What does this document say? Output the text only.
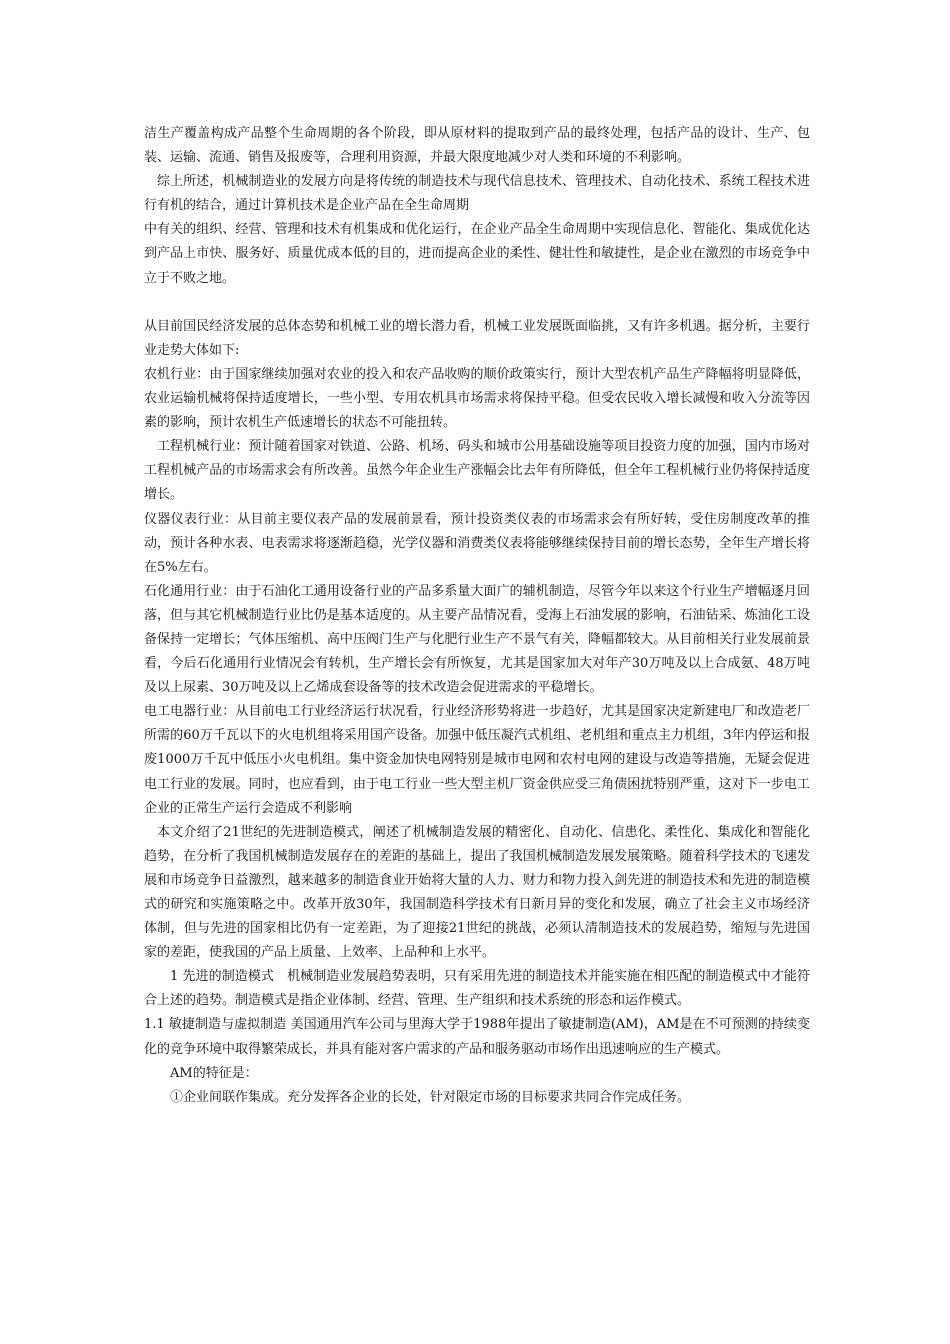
洁生产覆盖构成产品整个生命周期的各个阶段，即从原材料的提取到产品的最终处理，包括产品的设计、生产、包装、运输、流通、销售及报废等，合理利用资源，并最大限度地减少对人类和环境的不利影响。

综上所述，机械制造业的发展方向是将传统的制造技术与现代信息技术、管理技术、自动化技术、系统工程技术进行有机的结合，通过计算机技术是企业产品在全生命周期

中有关的组织、经营、管理和技术有机集成和优化运行，在企业产品全生命周期中实现信息化、智能化、集成优化达到产品上市快、服务好、质量优成本低的目的，进而提高企业的柔性、健壮性和敏捷性，是企业在激烈的市场竞争中立于不败之地。

从目前国民经济发展的总体态势和机械工业的增长潜力看，机械工业发展既面临挑，又有许多机遇。据分析，主要行业走势大体如下:

农机行业：由于国家继续加强对农业的投入和农产品收购的顺价政策实行，预计大型农机产品生产降幅将明显降低，农业运输机械将保持适度增长，一些小型、专用农机具市场需求将保持平稳。但受农民收入增长减慢和收入分流等因素的影响，预计农机生产低速增长的状态不可能扭转。

工程机械行业：预计随着国家对铁道、公路、机场、码头和城市公用基础设施等项目投资力度的加强，国内市场对工程机械产品的市场需求会有所改善。虽然今年企业生产涨幅会比去年有所降低，但全年工程机械行业仍将保持适度增长。

仪器仪表行业：从目前主要仪表产品的发展前景看，预计投资类仪表的市场需求会有所好转，受住房制度改革的推动，预计各种水表、电表需求将逐渐趋稳，光学仪器和消费类仪表将能够继续保持目前的增长态势，全年生产增长将在5%左右。

石化通用行业：由于石油化工通用设备行业的产品多系量大面广的辅机制造，尽管今年以来这个行业生产增幅逐月回落，但与其它机械制造行业比仍是基本适度的。从主要产品情况看，受海上石油发展的影响，石油钻采、炼油化工设备保持一定增长；气体压缩机、高中压阀门生产与化肥行业生产不景气有关，降幅都较大。从目前相关行业发展前景看，今后石化通用行业情况会有转机，生产增长会有所恢复，尤其是国家加大对年产30万吨及以上合成氨、48万吨及以上尿素、30万吨及以上乙烯成套设备等的技术改造会促进需求的平稳增长。

电工电器行业：从目前电工行业经济运行状况看，行业经济形势将进一步趋好，尤其是国家决定新建电厂和改造老厂所需的60万千瓦以下的火电机组将采用国产设备。加强中低压凝汽式机组、老机组和重点主力机组，3年内停运和报废1000万千瓦中低压小火电机组。集中资金加快电网特别是城市电网和农村电网的建设与改造等措施，无疑会促进电工行业的发展。同时，也应看到，由于电工行业一些大型主机厂资金供应受三角债困扰特别严重，这对下一步电工企业的正常生产运行会造成不利影响

本文介绍了21世纪的先进制造模式，阐述了机械制造发展的精密化、自动化、信患化、柔性化、集成化和智能化趋势，在分析了我国机械制造发展存在的差距的基础上，提出了我国机械制造发展发展策略。随着科学技术的飞速发展和市场竞争日益激烈，越来越多的制造食业开始将大量的人力、财力和物力投入剑先进的制造技术和先进的制造模式的研究和实施策略之中。改革开放30年，我国制造科学技术有日新月异的变化和发展，确立了社会主义市场经济体制，但与先进的国家相比仍有一定差距，为了迎接21世纪的挑战，必须认清制造技术的发展趋势，缩短与先进国家的差距，使我国的产品上质量、上效率、上品种和上水平。

1 先进的制造模式　机械制造业发展趋势表明，只有采用先进的制造技术并能实施在相匹配的制造模式中才能符合上述的趋势。制造模式是指企业体制、经营、管理、生产组织和技术系统的形态和运作模式。

1.1 敏捷制造与虚拟制造 美国通用汽车公司与里海大学于1988年提出了敏捷制造(AM)，AM是在不可预测的持续变化的竞争环境中取得繁荣成长，并具有能对客户需求的产品和服务驱动市场作出迅速响应的生产模式。

AM的特征是：

①企业间联作集成。充分发挥各企业的长处，针对限定市场的目标要求共同合作完成任务。
